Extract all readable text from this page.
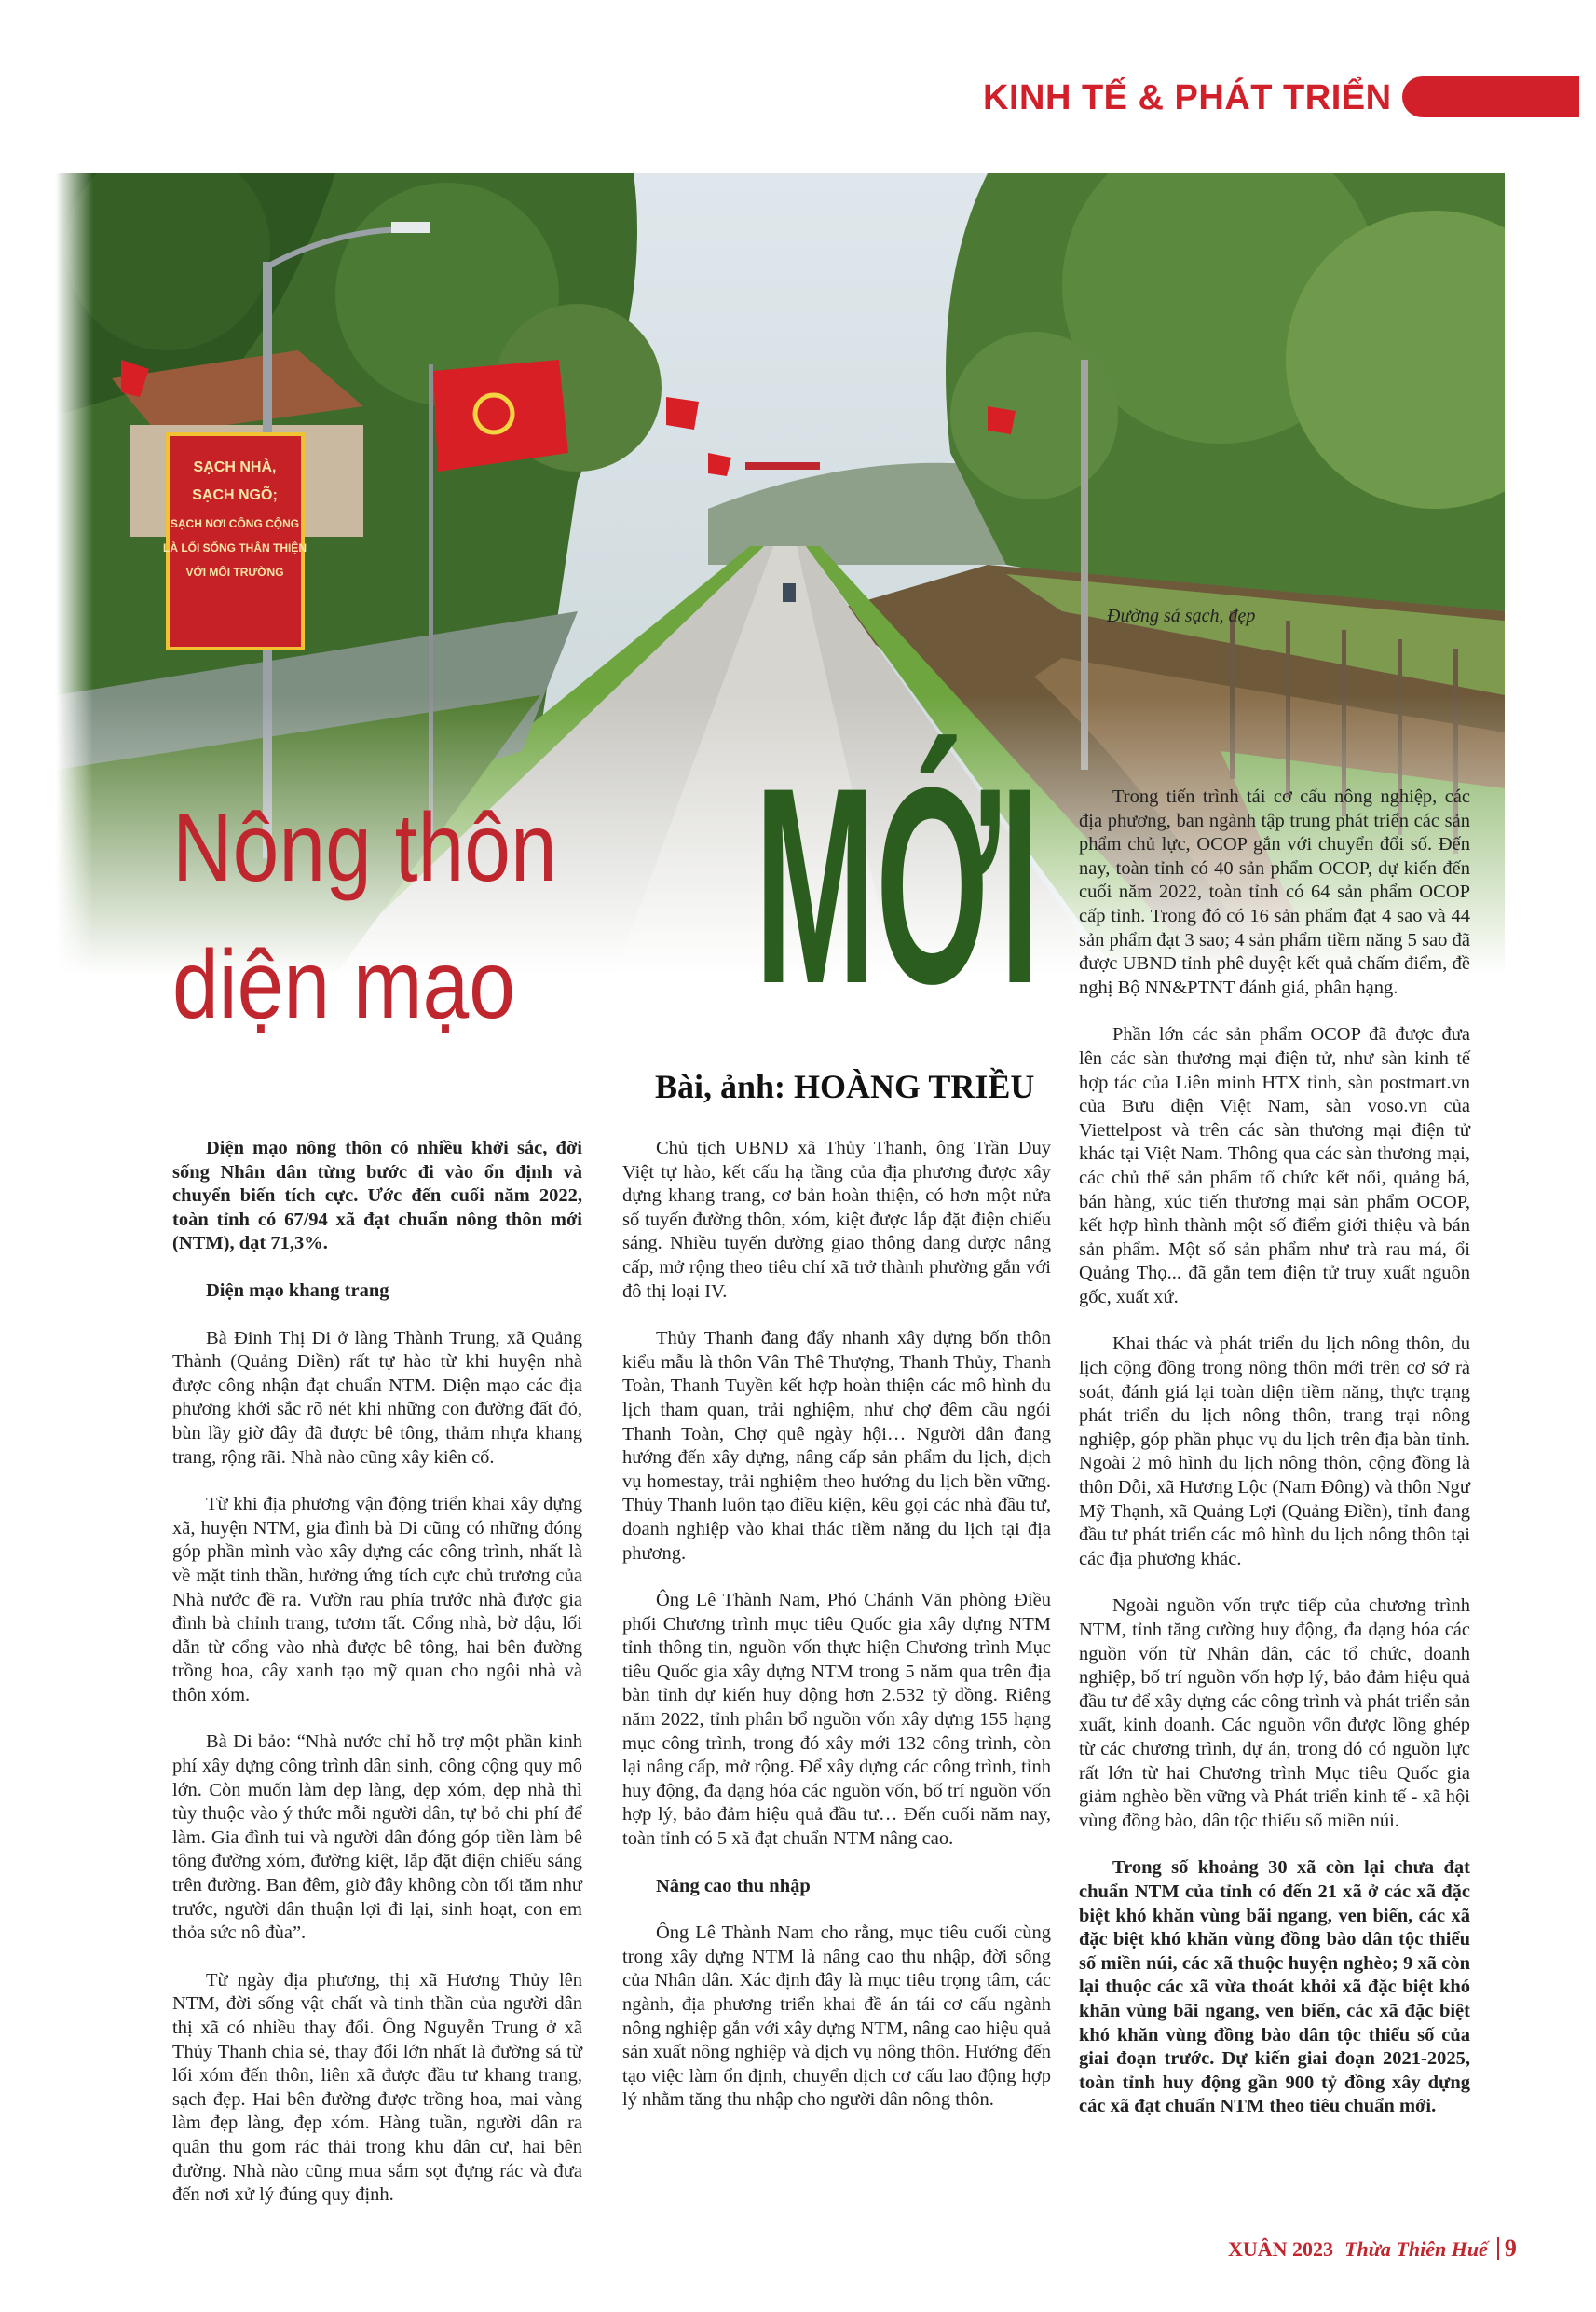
KINH TẾ & PHÁT TRIỂN
SẠCH NHÀ,
SẠCH NGÕ;
SẠCH NƠI CÔNG CỘNG
LÀ LỐI SỐNG THÂN THIỆN
VỚI MÔI TRƯỜNG
Đường sá sạch, đẹp
Nông thôn
diện mạo MỚI
Bài, ảnh: HOÀNG TRIỀU

Diện mạo nông thôn có nhiều khởi sắc, đời sống Nhân dân từng bước đi vào ổn định và chuyển biến tích cực. Ước đến cuối năm 2022, toàn tỉnh có 67/94 xã đạt chuẩn nông thôn mới (NTM), đạt 71,3%.

Diện mạo khang trang

Bà Đinh Thị Di ở làng Thành Trung, xã Quảng Thành (Quảng Điền) rất tự hào từ khi huyện nhà được công nhận đạt chuẩn NTM. Diện mạo các địa phương khởi sắc rõ nét khi những con đường đất đỏ, bùn lầy giờ đây đã được bê tông, thảm nhựa khang trang, rộng rãi. Nhà nào cũng xây kiên cố.

Từ khi địa phương vận động triển khai xây dựng xã, huyện NTM, gia đình bà Di cũng có những đóng góp phần mình vào xây dựng các công trình, nhất là về mặt tinh thần, hưởng ứng tích cực chủ trương của Nhà nước đề ra. Vườn rau phía trước nhà được gia đình bà chỉnh trang, tươm tất. Cổng nhà, bờ dậu, lối dẫn từ cổng vào nhà được bê tông, hai bên đường trồng hoa, cây xanh tạo mỹ quan cho ngôi nhà và thôn xóm.

Bà Di bảo: “Nhà nước chỉ hỗ trợ một phần kinh phí xây dựng công trình dân sinh, công cộng quy mô lớn. Còn muốn làm đẹp làng, đẹp xóm, đẹp nhà thì tùy thuộc vào ý thức mỗi người dân, tự bỏ chi phí để làm. Gia đình tui và người dân đóng góp tiền làm bê tông đường xóm, đường kiệt, lắp đặt điện chiếu sáng trên đường. Ban đêm, giờ đây không còn tối tăm như trước, người dân thuận lợi đi lại, sinh hoạt, con em thỏa sức nô đùa”.

Từ ngày địa phương, thị xã Hương Thủy lên NTM, đời sống vật chất và tinh thần của người dân thị xã có nhiều thay đổi. Ông Nguyễn Trung ở xã Thủy Thanh chia sẻ, thay đổi lớn nhất là đường sá từ lối xóm đến thôn, liên xã được đầu tư khang trang, sạch đẹp. Hai bên đường được trồng hoa, mai vàng làm đẹp làng, đẹp xóm. Hàng tuần, người dân ra quân thu gom rác thải trong khu dân cư, hai bên đường. Nhà nào cũng mua sắm sọt đựng rác và đưa đến nơi xử lý đúng quy định.

Chủ tịch UBND xã Thủy Thanh, ông Trần Duy Việt tự hào, kết cấu hạ tầng của địa phương được xây dựng khang trang, cơ bản hoàn thiện, có hơn một nửa số tuyến đường thôn, xóm, kiệt được lắp đặt điện chiếu sáng. Nhiều tuyến đường giao thông đang được nâng cấp, mở rộng theo tiêu chí xã trở thành phường gắn với đô thị loại IV.

Thủy Thanh đang đẩy nhanh xây dựng bốn thôn kiểu mẫu là thôn Vân Thê Thượng, Thanh Thủy, Thanh Toàn, Thanh Tuyền kết hợp hoàn thiện các mô hình du lịch tham quan, trải nghiệm, như chợ đêm cầu ngói Thanh Toàn, Chợ quê ngày hội… Người dân đang hướng đến xây dựng, nâng cấp sản phẩm du lịch, dịch vụ homestay, trải nghiệm theo hướng du lịch bền vững. Thủy Thanh luôn tạo điều kiện, kêu gọi các nhà đầu tư, doanh nghiệp vào khai thác tiềm năng du lịch tại địa phương.

Ông Lê Thành Nam, Phó Chánh Văn phòng Điều phối Chương trình mục tiêu Quốc gia xây dựng NTM tỉnh thông tin, nguồn vốn thực hiện Chương trình Mục tiêu Quốc gia xây dựng NTM trong 5 năm qua trên địa bàn tỉnh dự kiến huy động hơn 2.532 tỷ đồng. Riêng năm 2022, tỉnh phân bổ nguồn vốn xây dựng 155 hạng mục công trình, trong đó xây mới 132 công trình, còn lại nâng cấp, mở rộng. Để xây dựng các công trình, tỉnh huy động, đa dạng hóa các nguồn vốn, bố trí nguồn vốn hợp lý, bảo đảm hiệu quả đầu tư… Đến cuối năm nay, toàn tỉnh có 5 xã đạt chuẩn NTM nâng cao.

Nâng cao thu nhập

Ông Lê Thành Nam cho rằng, mục tiêu cuối cùng trong xây dựng NTM là nâng cao thu nhập, đời sống của Nhân dân. Xác định đây là mục tiêu trọng tâm, các ngành, địa phương triển khai đề án tái cơ cấu ngành nông nghiệp gắn với xây dựng NTM, nâng cao hiệu quả sản xuất nông nghiệp và dịch vụ nông thôn. Hướng đến tạo việc làm ổn định, chuyển dịch cơ cấu lao động hợp lý nhằm tăng thu nhập cho người dân nông thôn.

Trong tiến trình tái cơ cấu nông nghiệp, các địa phương, ban ngành tập trung phát triển các sản phẩm chủ lực, OCOP gắn với chuyển đổi số. Đến nay, toàn tỉnh có 40 sản phẩm OCOP, dự kiến đến cuối năm 2022, toàn tỉnh có 64 sản phẩm OCOP cấp tỉnh. Trong đó có 16 sản phẩm đạt 4 sao và 44 sản phẩm đạt 3 sao; 4 sản phẩm tiềm năng 5 sao đã được UBND tỉnh phê duyệt kết quả chấm điểm, đề nghị Bộ NN&PTNT đánh giá, phân hạng.

Phần lớn các sản phẩm OCOP đã được đưa lên các sàn thương mại điện tử, như sàn kinh tế hợp tác của Liên minh HTX tỉnh, sàn postmart.vn của Bưu điện Việt Nam, sàn voso.vn của Viettelpost và trên các sàn thương mại điện tử khác tại Việt Nam. Thông qua các sàn thương mại, các chủ thể sản phẩm tổ chức kết nối, quảng bá, bán hàng, xúc tiến thương mại sản phẩm OCOP, kết hợp hình thành một số điểm giới thiệu và bán sản phẩm. Một số sản phẩm như trà rau má, ổi Quảng Thọ... đã gắn tem điện tử truy xuất nguồn gốc, xuất xứ.

Khai thác và phát triển du lịch nông thôn, du lịch cộng đồng trong nông thôn mới trên cơ sở rà soát, đánh giá lại toàn diện tiềm năng, thực trạng phát triển du lịch nông thôn, trang trại nông nghiệp, góp phần phục vụ du lịch trên địa bàn tỉnh. Ngoài 2 mô hình du lịch nông thôn, cộng đồng là thôn Dỗi, xã Hương Lộc (Nam Đông) và thôn Ngư Mỹ Thạnh, xã Quảng Lợi (Quảng Điền), tỉnh đang đầu tư phát triển các mô hình du lịch nông thôn tại các địa phương khác.

Ngoài nguồn vốn trực tiếp của chương trình NTM, tỉnh tăng cường huy động, đa dạng hóa các nguồn vốn từ Nhân dân, các tổ chức, doanh nghiệp, bố trí nguồn vốn hợp lý, bảo đảm hiệu quả đầu tư để xây dựng các công trình và phát triển sản xuất, kinh doanh. Các nguồn vốn được lồng ghép từ các chương trình, dự án, trong đó có nguồn lực rất lớn từ hai Chương trình Mục tiêu Quốc gia giảm nghèo bền vững và Phát triển kinh tế - xã hội vùng đồng bào, dân tộc thiểu số miền núi.

Trong số khoảng 30 xã còn lại chưa đạt chuẩn NTM của tỉnh có đến 21 xã ở các xã đặc biệt khó khăn vùng bãi ngang, ven biển, các xã đặc biệt khó khăn vùng đồng bào dân tộc thiểu số miền núi, các xã thuộc huyện nghèo; 9 xã còn lại thuộc các xã vừa thoát khỏi xã đặc biệt khó khăn vùng bãi ngang, ven biển, các xã đặc biệt khó khăn vùng đồng bào dân tộc thiểu số của giai đoạn trước. Dự kiến giai đoạn 2021-2025, toàn tỉnh huy động gần 900 tỷ đồng xây dựng các xã đạt chuẩn NTM theo tiêu chuẩn mới.

XUÂN 2023 Thừa Thiên Huế 9
